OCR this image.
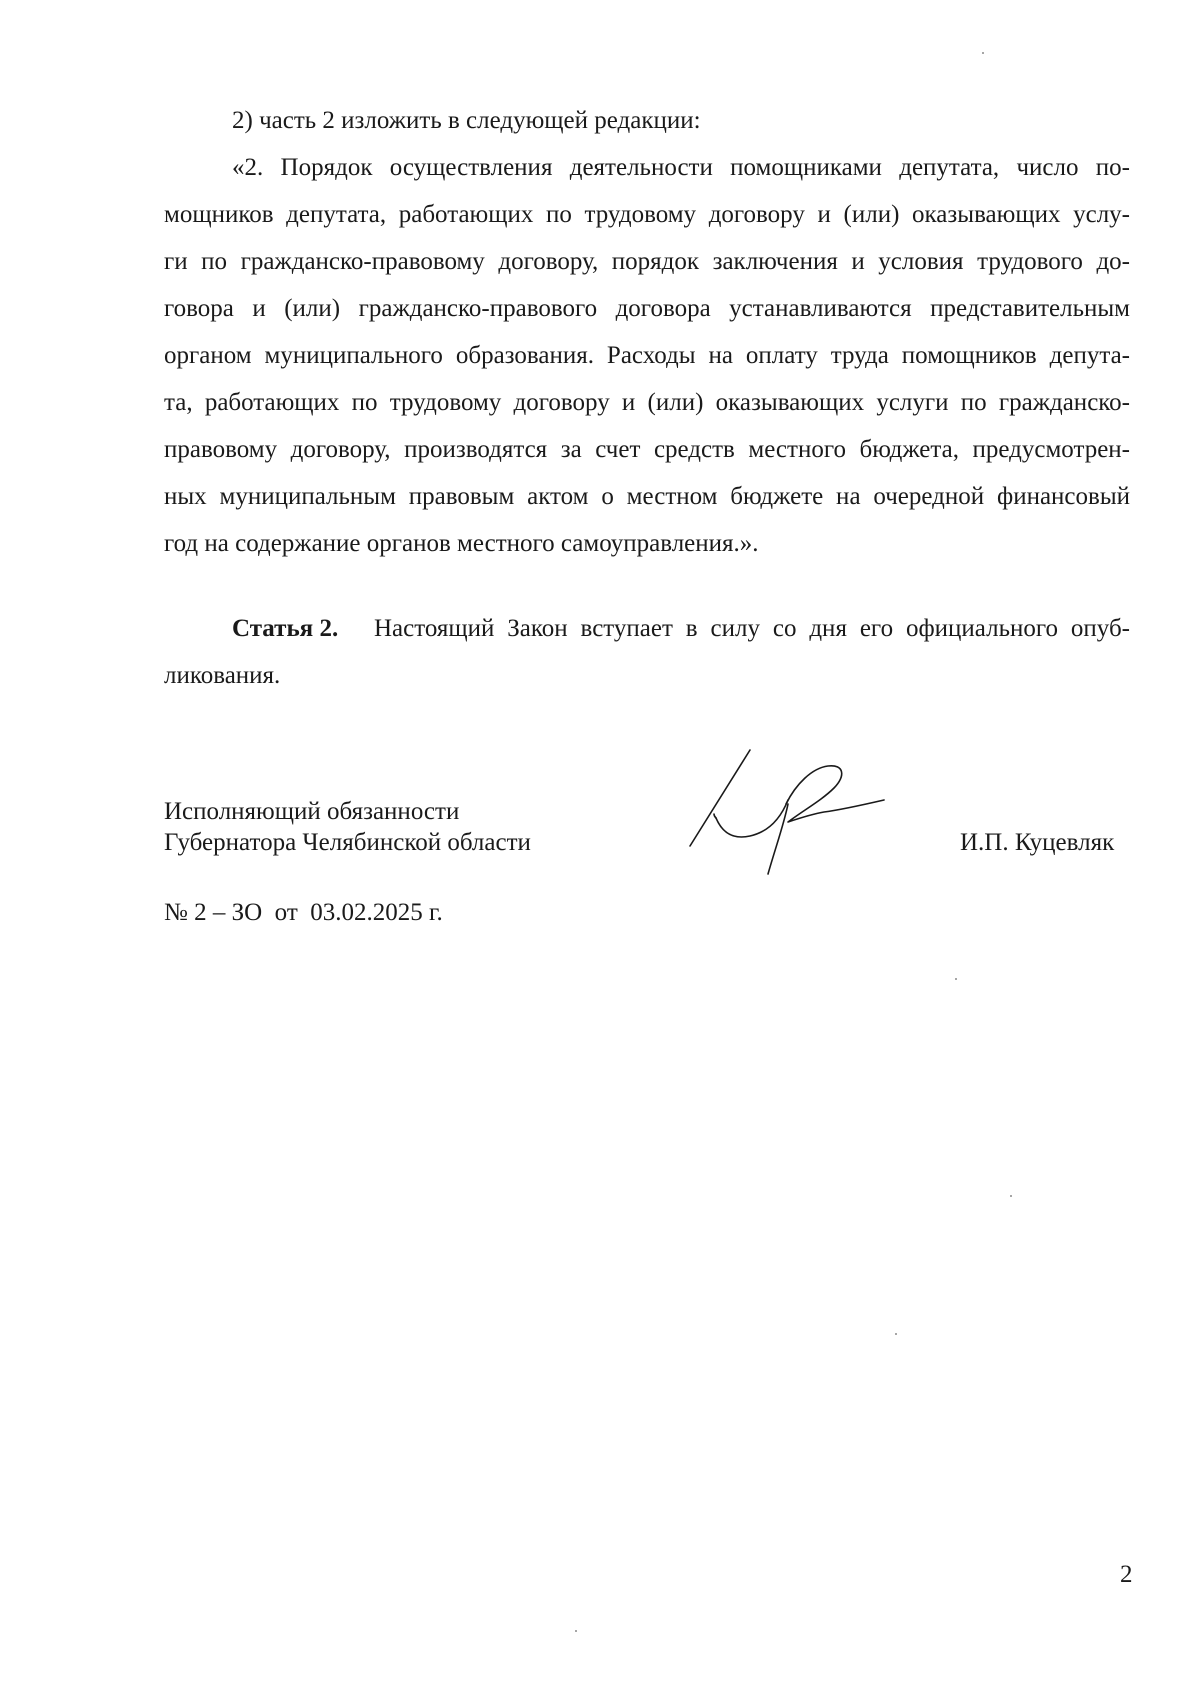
2) часть 2 изложить в следующей редакции:
«2. Порядок осуществления деятельности помощниками депутата, число по-
мощников депутата, работающих по трудовому договору и (или) оказывающих услу-
ги по гражданско-правовому договору, порядок заключения и условия трудового до-
говора и (или) гражданско-правового договора устанавливаются представительным
органом муниципального образования. Расходы на оплату труда помощников депута-
та, работающих по трудовому договору и (или) оказывающих услуги по гражданско-
правовому договору, производятся за счет средств местного бюджета, предусмотрен-
ных муниципальным правовым актом о местном бюджете на очередной финансовый
год на содержание органов местного самоуправления.».
Статья 2. Настоящий Закон вступает в силу со дня его официального опуб-
ликования.
Исполняющий обязанности
Губернатора Челябинской области	И.П. Куцевляк
№ 2 – ЗО  от  03.02.2025 г.
2
